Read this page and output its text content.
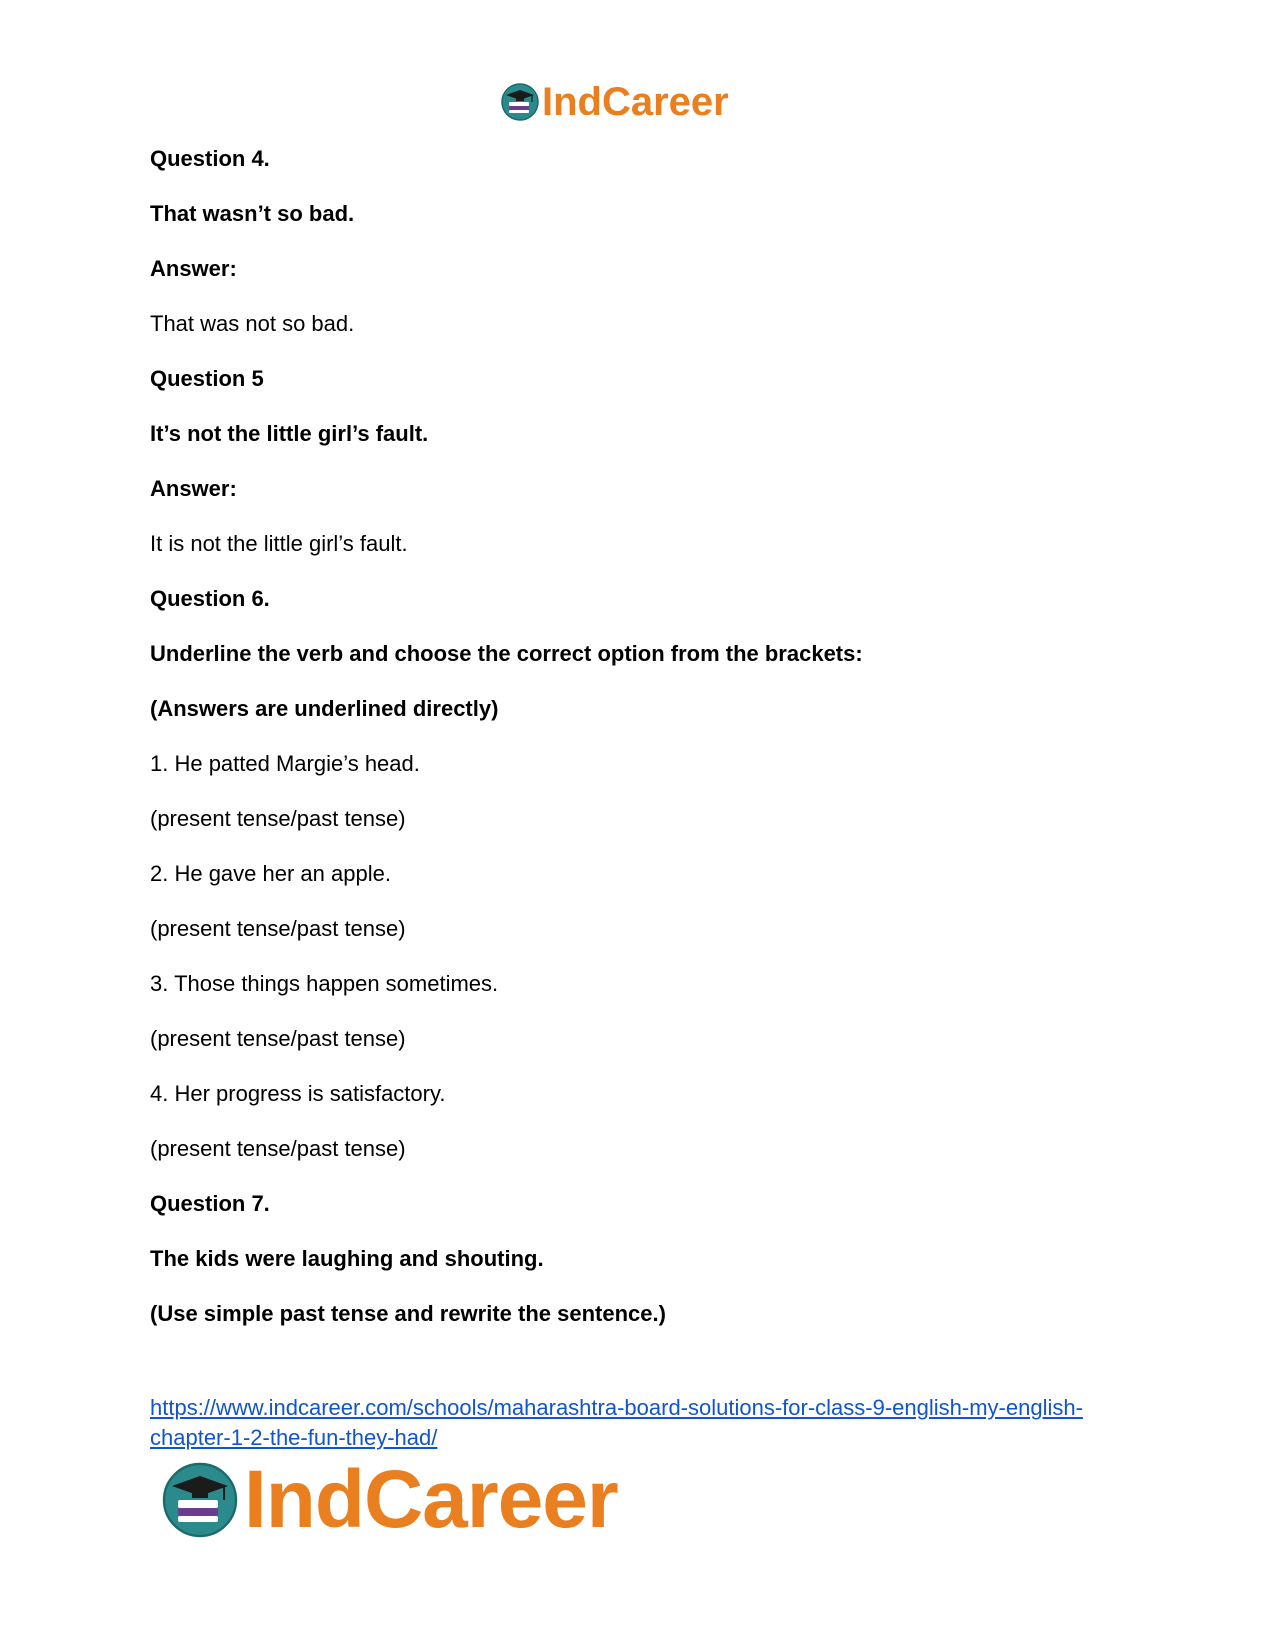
IndCareer
Question 4.
That wasn’t so bad.
Answer:
That was not so bad.
Question 5
It’s not the little girl’s fault.
Answer:
It is not the little girl’s fault.
Question 6.
Underline the verb and choose the correct option from the brackets:
(Answers are underlined directly)
1. He patted Margie’s head.
(present tense/past tense)
2. He gave her an apple.
(present tense/past tense)
3. Those things happen sometimes.
(present tense/past tense)
4. Her progress is satisfactory.
(present tense/past tense)
Question 7.
The kids were laughing and shouting.
(Use simple past tense and rewrite the sentence.)
https://www.indcareer.com/schools/maharashtra-board-solutions-for-class-9-english-my-english-
chapter-1-2-the-fun-they-had/
IndCareer
